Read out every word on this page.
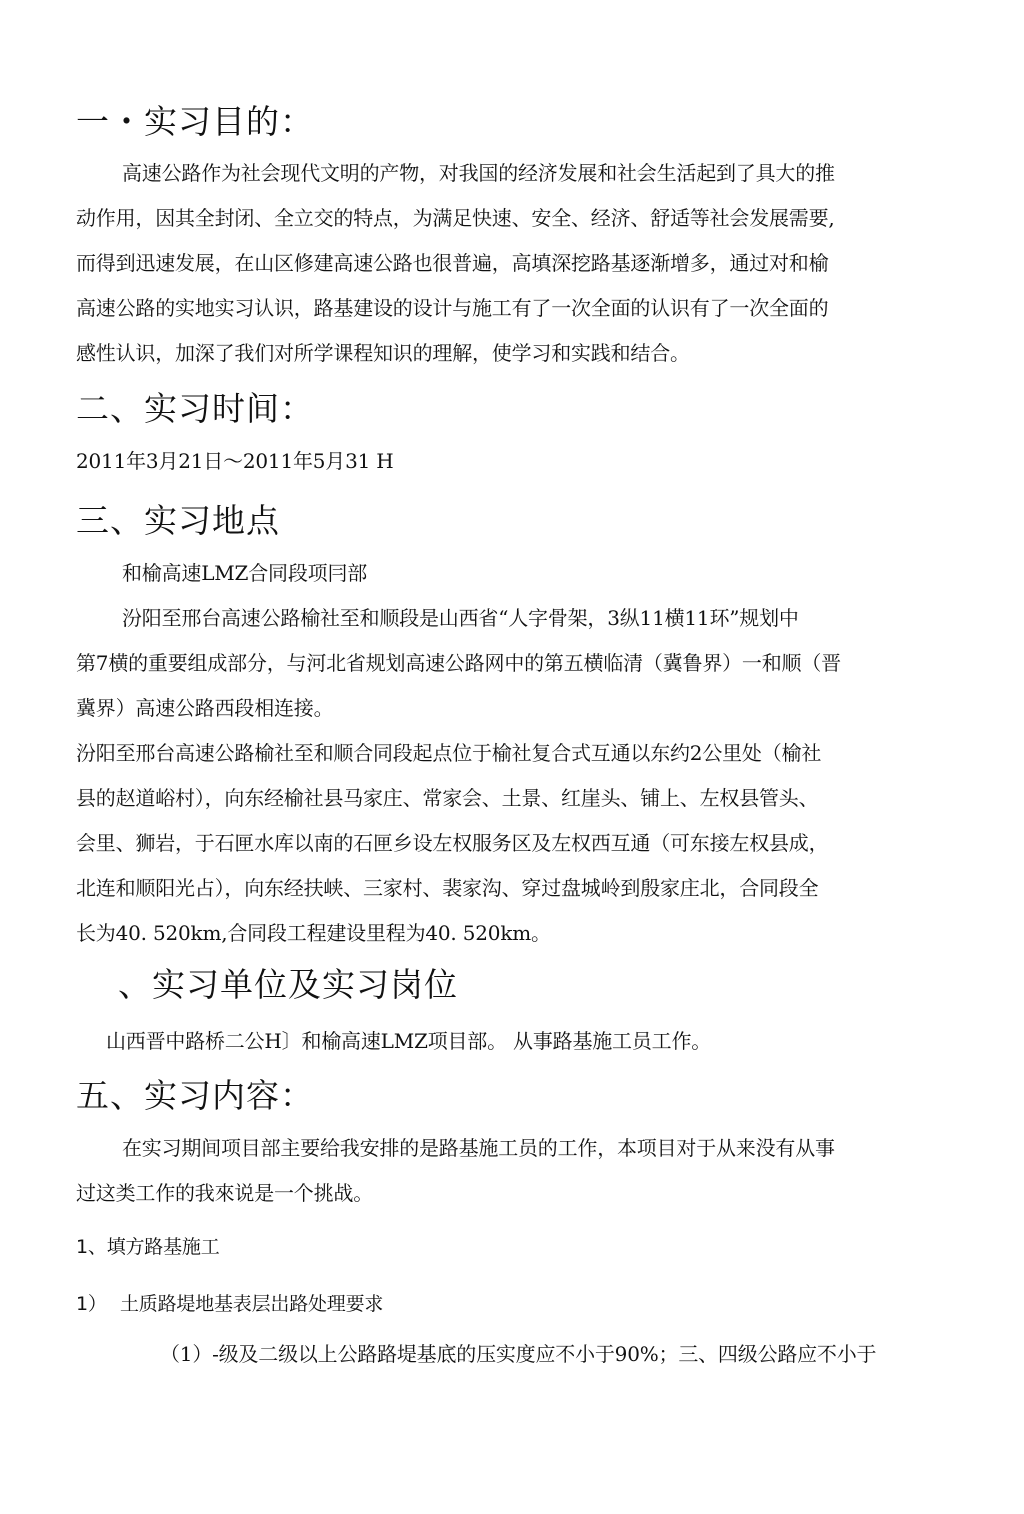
一・实习目的：
高速公路作为社会现代文明的产物，对我国的经济发展和社会生活起到了具大的推
动作用，因其全封闭、全立交的特点，为满足快速、安全、经济、舒适等社会发展需要,
而得到迅速发展，在山区修建高速公路也很普遍，高填深挖路基逐渐增多，通过对和榆
高速公路的实地实习认识，路基建设的设计与施工有了一次全面的认识有了一次全面的
感性认识，加深了我们对所学课程知识的理解，使学习和实践和结合。
二、实习时间：
2011年3月21日～2011年5月31 H
三、实习地点
和榆高速LMZ合同段项冃部
汾阳至邢台高速公路榆社至和顺段是山西省“人字骨架，3纵11横11环”规划中
第7横的重要组成部分，与河北省规划高速公路网中的第五横临清（冀鲁界）一和顺（晋
冀界）高速公路西段相连接。
汾阳至邢台高速公路榆社至和顺合同段起点位于榆社复合式互通以东约2公里处（榆社
县的赵道峪村），向东经榆社县马家庄、常家会、土景、红崖头、铺上、左权县管头、
会里、狮岩，于石匣水库以南的石匣乡设左权服务区及左权西互通（可东接左权县成，
北连和顺阳光占），向东经扶峡、三家村、裴家沟、穿过盘城岭到殷家庄北，合同段全
长为40. 520km,合同段工程建设里程为40. 520km。
、实习单位及实习岗位
山西晋中路桥二公H〕和榆高速LMZ项目部。 从事路基施工员工作。
五、实习内容：
在实习期间项目部主要给我安排的是路基施工员的工作，本项目对于从来没有从事
过这类工作的我來说是一个挑战。
1、填方路基施工
1） 土质路堤地基表层岀路处理要求
（1）-级及二级以上公路路堤基底的压实度应不小于90%；三、四级公路应不小于
